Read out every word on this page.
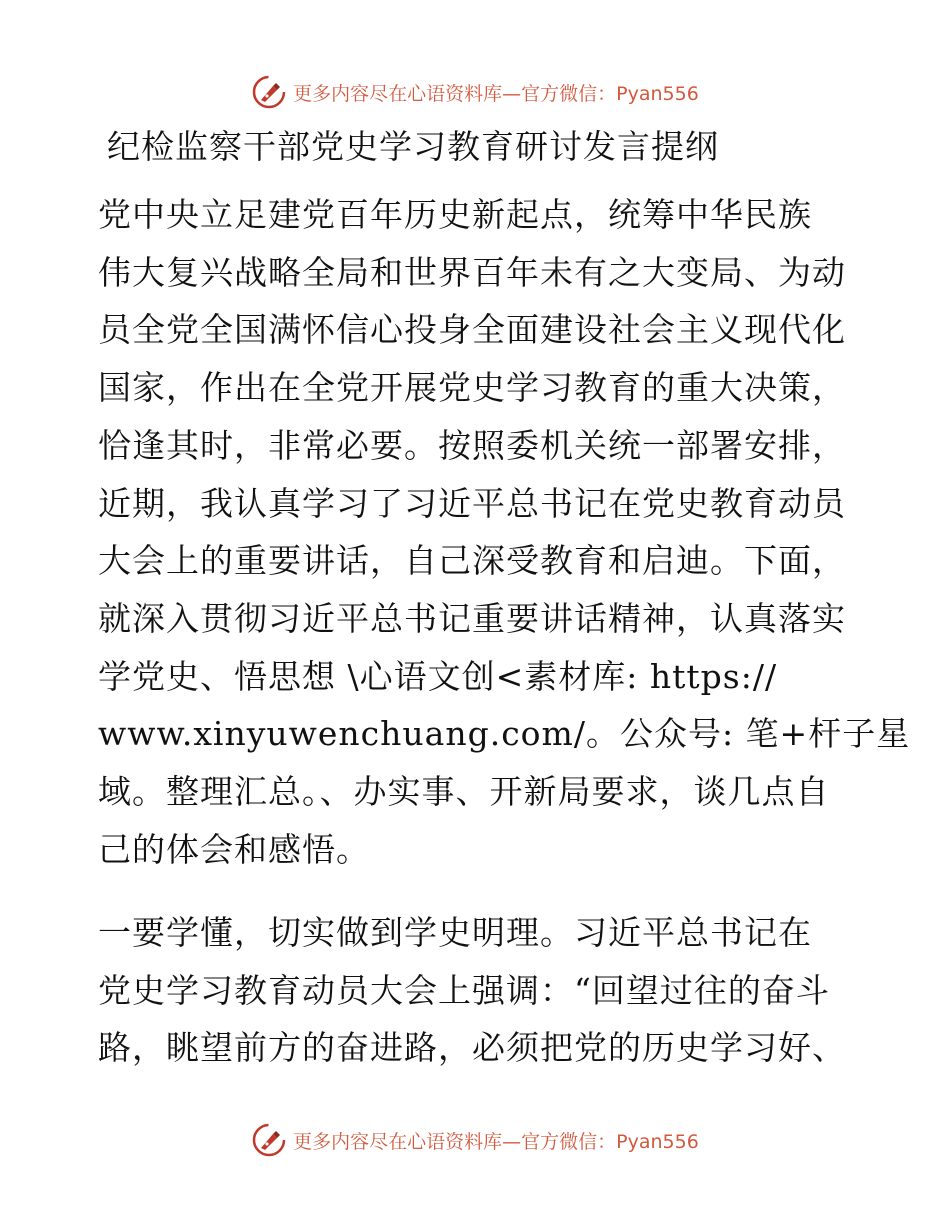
更多内容尽在心语资料库—官方微信：Pyan556
纪检监察干部党史学习教育研讨发言提纲

党中央立足建党百年历史新起点，统筹中华民族
伟大复兴战略全局和世界百年未有之大变局、为动
员全党全国满怀信心投身全面建设社会主义现代化
国家，作出在全党开展党史学习教育的重大决策，
恰逢其时，非常必要。按照委机关统一部署安排，
近期，我认真学习了习近平总书记在党史教育动员
大会上的重要讲话，自己深受教育和启迪。下面，
就深入贯彻习近平总书记重要讲话精神，认真落实
学党史、悟思想 \心语文创<素材库: https://
www.xinyuwenchuang.com/。公众号: 笔+杆子星
域。整理汇总。、办实事、开新局要求，谈几点自
己的体会和感悟。

一要学懂，切实做到学史明理。习近平总书记在
党史学习教育动员大会上强调：“回望过往的奋斗
路，眺望前方的奋进路，必须把党的历史学习好、

更多内容尽在心语资料库—官方微信：Pyan556
